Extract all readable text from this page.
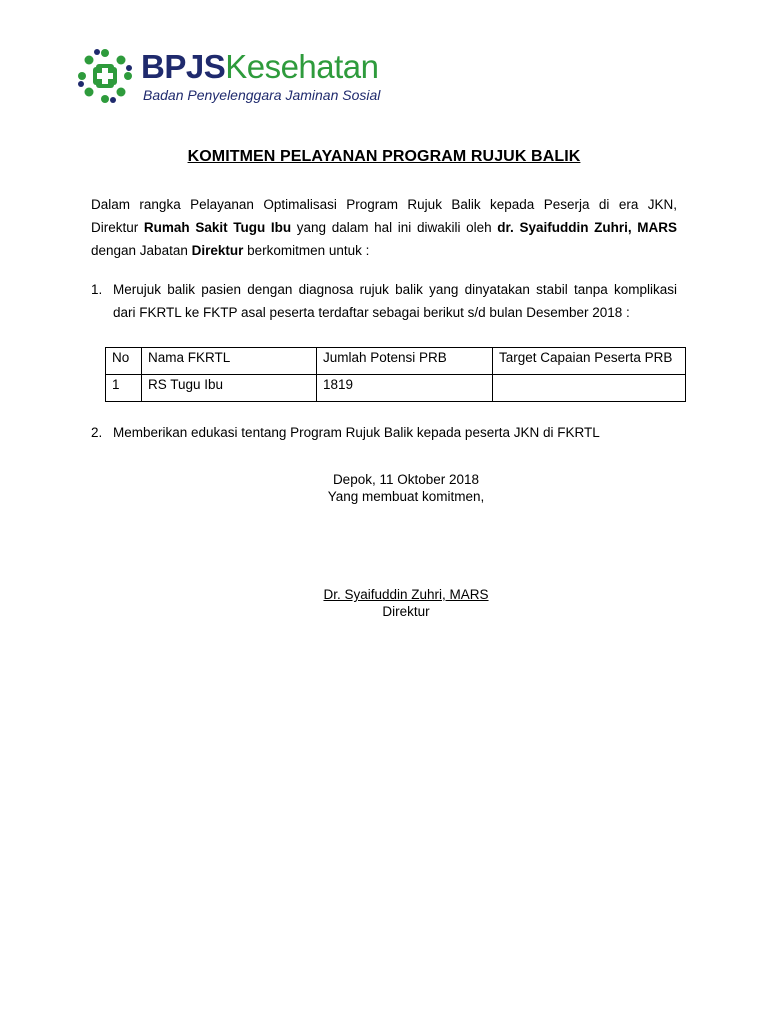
BPJSKesehatan
Badan Penyelenggara Jaminan Sosial
KOMITMEN PELAYANAN PROGRAM RUJUK BALIK
Dalam rangka Pelayanan Optimalisasi Program Rujuk Balik kepada Peserja di era JKN,
Direktur Rumah Sakit Tugu Ibu yang dalam hal ini diwakili oleh dr. Syaifuddin Zuhri, MARS
dengan Jabatan Direktur berkomitmen untuk :
1. Merujuk balik pasien dengan diagnosa rujuk balik yang dinyatakan stabil tanpa komplikasi
dari FKRTL ke FKTP asal peserta terdaftar sebagai berikut s/d bulan Desember 2018 :
No	Nama FKRTL	Jumlah Potensi PRB	Target Capaian Peserta PRB
1	RS Tugu Ibu	1819	
2. Memberikan edukasi tentang Program Rujuk Balik kepada peserta JKN di FKRTL
Depok, 11 Oktober 2018
Yang membuat komitmen,
Dr. Syaifuddin Zuhri, MARS
Direktur
